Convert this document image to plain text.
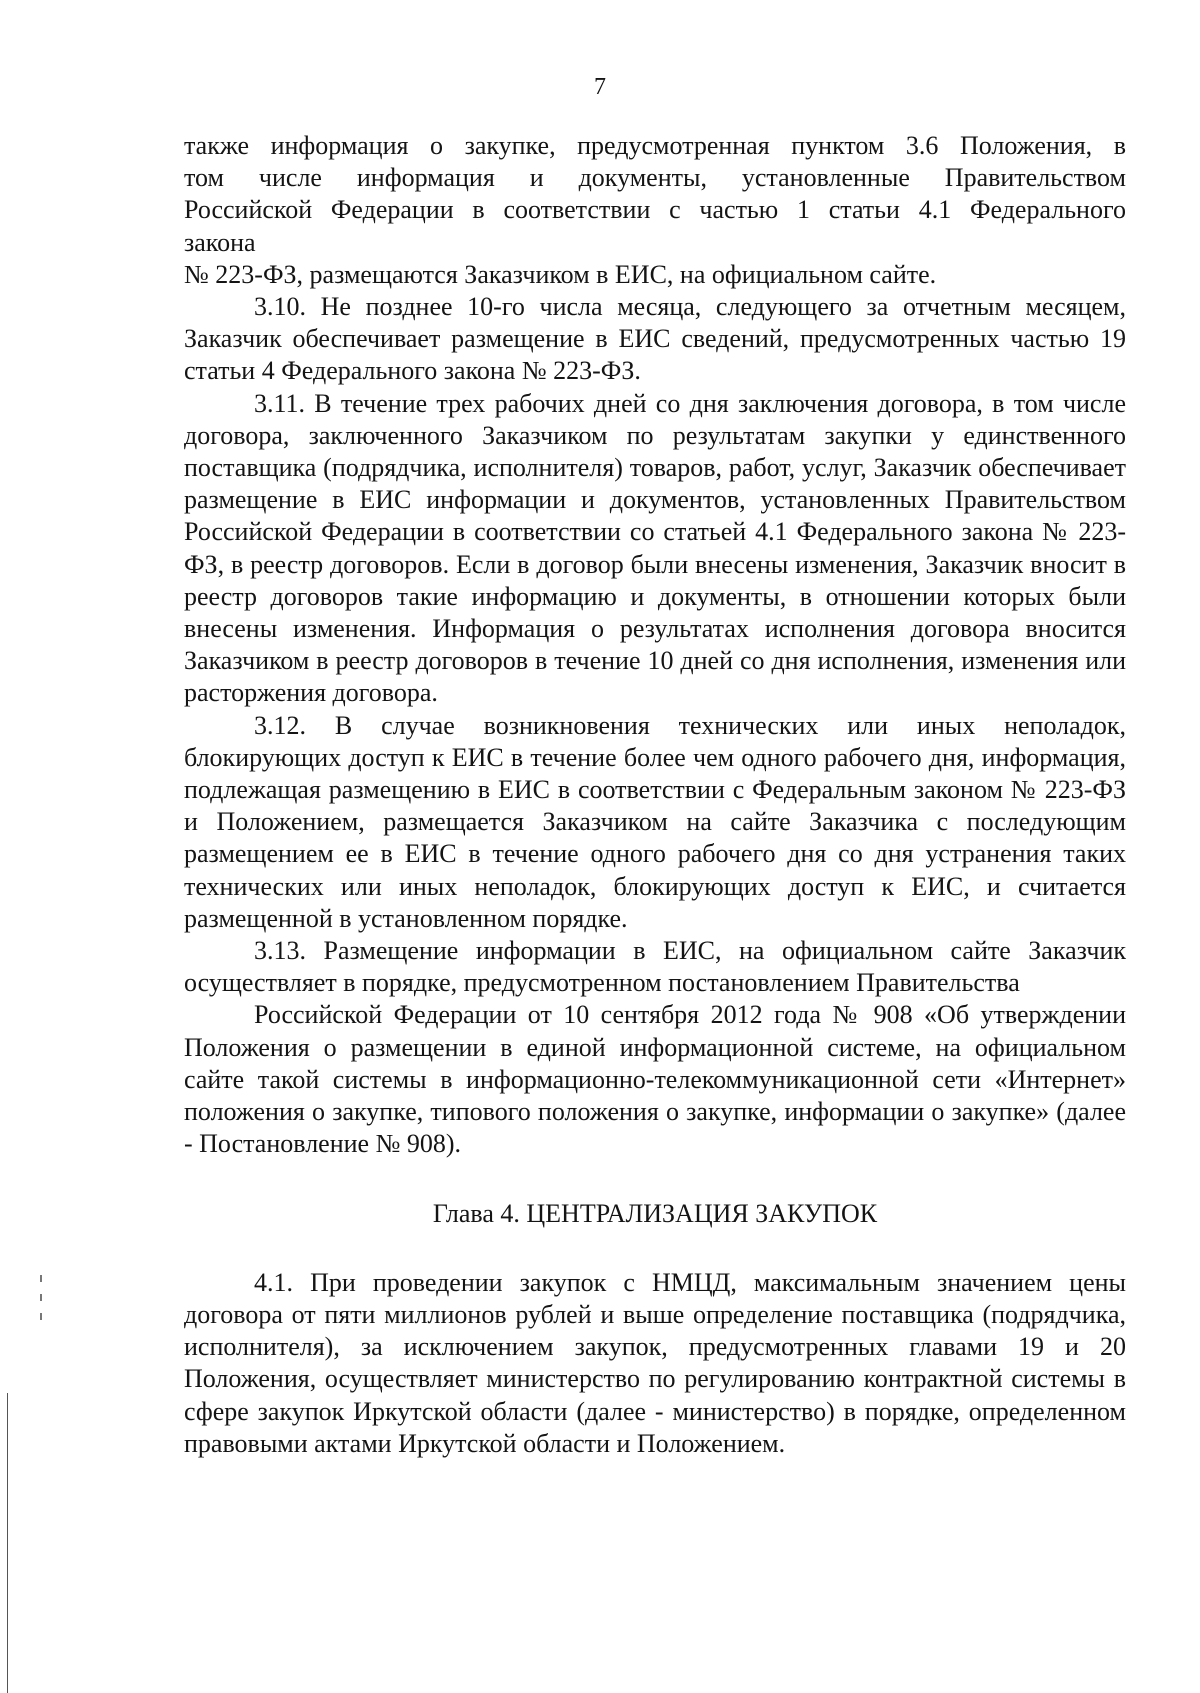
7

также информация о закупке, предусмотренная пунктом 3.6 Положения, в

том числе информация и документы, установленные Правительством

Российской Федерации в соответствии с частью 1 статьи 4.1 Федерального

закона

№ 223-ФЗ, размещаются Заказчиком в ЕИС, на официальном сайте.

3.10. Не позднее 10-го числа месяца, следующего за отчетным месяцем, Заказчик обеспечивает размещение в ЕИС сведений, предусмотренных частью 19 статьи 4 Федерального закона № 223-ФЗ.

3.11. В течение трех рабочих дней со дня заключения договора, в том числе договора, заключенного Заказчиком по результатам закупки у единственного поставщика (подрядчика, исполнителя) товаров, работ, услуг, Заказчик обеспечивает размещение в ЕИС информации и документов, установленных Правительством Российской Федерации в соответствии со статьей 4.1 Федерального закона № 223-ФЗ, в реестр договоров. Если в договор были внесены изменения, Заказчик вносит в реестр договоров такие информацию и документы, в отношении которых были внесены изменения. Информация о результатах исполнения договора вносится Заказчиком в реестр договоров в течение 10 дней со дня исполнения, изменения или расторжения договора.

3.12. В случае возникновения технических или иных неполадок, блокирующих доступ к ЕИС в течение более чем одного рабочего дня, информация, подлежащая размещению в ЕИС в соответствии с Федеральным законом № 223-ФЗ и Положением, размещается Заказчиком на сайте Заказчика с последующим размещением ее в ЕИС в течение одного рабочего дня со дня устранения таких технических или иных неполадок, блокирующих доступ к ЕИС, и считается размещенной в установленном порядке.

3.13. Размещение информации в ЕИС, на официальном сайте Заказчик

осуществляет в порядке, предусмотренном постановлением Правительства

Российской Федерации от 10 сентября 2012 года № 908 «Об утверждении Положения о размещении в единой информационной системе, на официальном сайте такой системы в информационно-телекоммуникационной сети «Интернет» положения о закупке, типового положения о закупке, информации о закупке» (далее - Постановление № 908).

Глава 4. ЦЕНТРАЛИЗАЦИЯ ЗАКУПОК

4.1. При проведении закупок с НМЦД, максимальным значением цены договора от пяти миллионов рублей и выше определение поставщика (подрядчика, исполнителя), за исключением закупок, предусмотренных главами 19 и 20 Положения, осуществляет министерство по регулированию контрактной системы в сфере закупок Иркутской области (далее - министерство) в порядке, определенном правовыми актами Иркутской области и Положением.
